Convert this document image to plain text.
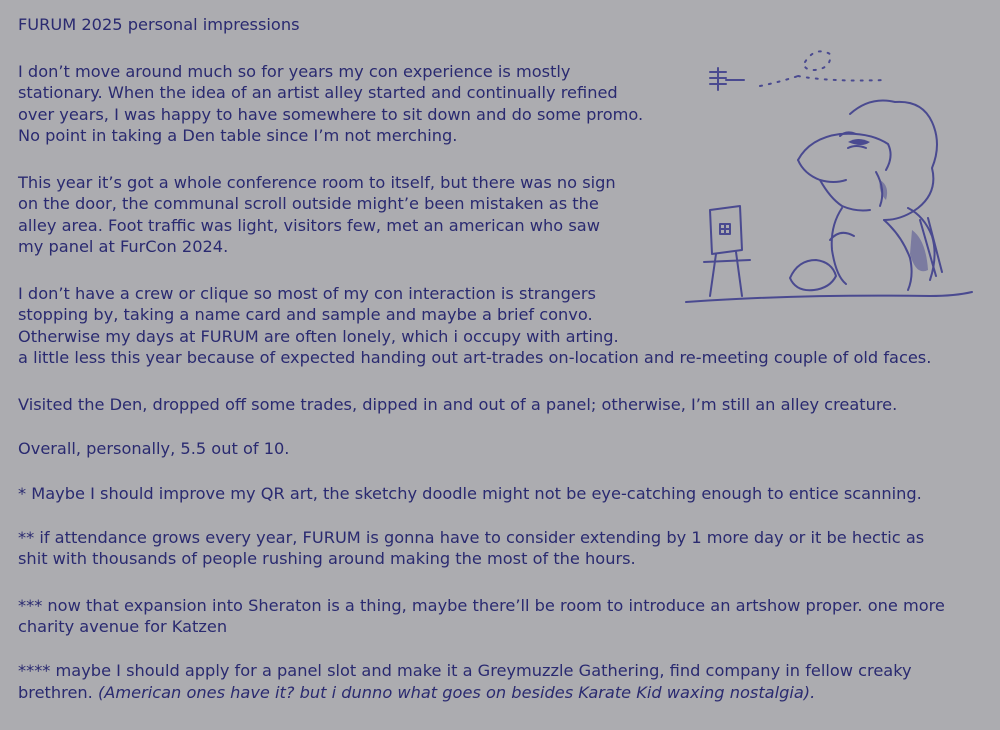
FURUM 2025 personal impressions
I don’t move around much so for years my con experience is mostly
stationary. When the idea of an artist alley started and continually refined
over years, I was happy to have somewhere to sit down and do some promo.
No point in taking a Den table since I’m not merching.
This year it’s got a whole conference room to itself, but there was no sign
on the door, the communal scroll outside might’e been mistaken as the
alley area. Foot traffic was light, visitors few, met an american who saw
my panel at FurCon 2024.
I don’t have a crew or clique so most of my con interaction is strangers
stopping by, taking a name card and sample and maybe a brief convo.
Otherwise my days at FURUM are often lonely, which i occupy with arting.
a little less this year because of expected handing out art-trades on-location and re-meeting couple of old faces.
Visited the Den, dropped off some trades, dipped in and out of a panel; otherwise, I’m still an alley creature.
Overall, personally, 5.5 out of 10.
* Maybe I should improve my QR art, the sketchy doodle might not be eye-catching enough to entice scanning.
** if attendance grows every year, FURUM is gonna have to consider extending by 1 more day or it be hectic as
shit with thousands of people rushing around making the most of the hours.
*** now that expansion into Sheraton is a thing, maybe there’ll be room to introduce an artshow proper. one more
charity avenue for Katzen
**** maybe I should apply for a panel slot and make it a Greymuzzle Gathering, find company in fellow creaky
brethren. (American ones have it? but i dunno what goes on besides Karate Kid waxing nostalgia).
